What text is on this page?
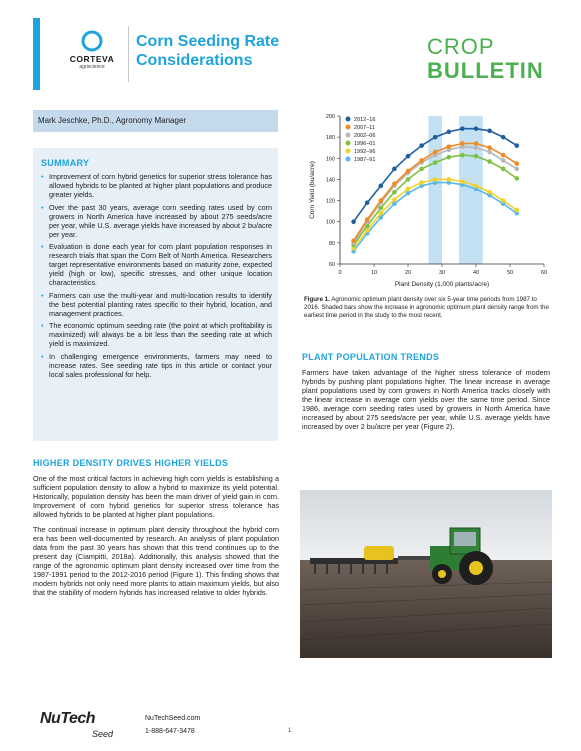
CORTEVA
agriscience
Corn Seeding Rate
Considerations
CROP
BULLETIN
Mark Jeschke, Ph.D., Agronomy Manager
SUMMARY
• Improvement of corn hybrid genetics for superior stress tolerance has allowed hybrids to be planted at higher plant populations and produce greater yields.
• Over the past 30 years, average corn seeding rates used by corn growers in North America have increased by about 275 seeds/acre per year, while U.S. average yields have increased by about 2 bu/acre per year.
• Evaluation is done each year for corn plant population responses in research trials that span the Corn Belt of North America. Researchers target representative environments based on maturity zone, expected yield (high or low), specific stresses, and other unique location characteristics.
• Farmers can use the multi-year and multi-location results to identify the best potential planting rates specific to their hybrid, location, and management practices.
• The economic optimum seeding rate (the point at which profitability is maximized) will always be a bit less than the seeding rate at which yield is maximized.
• In challenging emergence environments, farmers may need to increase rates. See seeding rate tips in this article or contact your local sales professional for help.
HIGHER DENSITY DRIVES HIGHER YIELDS

One of the most critical factors in achieving high corn yields is establishing a sufficient population density to allow a hybrid to maximize its yield potential. Historically, population density has been the main driver of yield gain in corn. Improvement of corn hybrid genetics for superior stress tolerance has allowed hybrids to be planted at higher plant populations.

The continual increase in optimum plant density throughout the hybrid corn era has been well-documented by research. An analysis of plant population data from the past 30 years has shown that this trend continues up to the present day (Ciampitti, 2018a). Additionally, this analysis showed that the range of the agronomic optimum plant density increased over time from the 1987-1991 period to the 2012-2016 period (Figure 1). This finding shows that modern hybrids not only need more plants to attain maximum yields, but also that the stability of modern hybrids has increased relative to older hybrids.

60
80
100
120
140
160
180
200
0	10	20	30	40	50	60
Plant Density (1,000 plants/acre)
Corn Yield (bu/acre)
2012–16
2007–11
2002–06
1996–01
1992–96
1987–91
Figure 1. Agronomic optimum plant density over six 5-year time periods from 1987 to 2016. Shaded bars show the increase in agronomic optimum plant density range from the earliest time period in the study to the most recent.
PLANT POPULATION TRENDS

Farmers have taken advantage of the higher stress tolerance of modern hybrids by pushing plant populations higher. The linear increase in average plant populations used by corn growers in North America tracks closely with the linear increase in average corn yields over the same time period. Since 1986, average corn seeding rates used by growers in North America have increased by about 275 seeds/acre per year, while U.S. average yields have increased by over 2 bu/acre per year (Figure 2).

NuTech
Seed
NuTechSeed.com
1-888-647-3478	1
